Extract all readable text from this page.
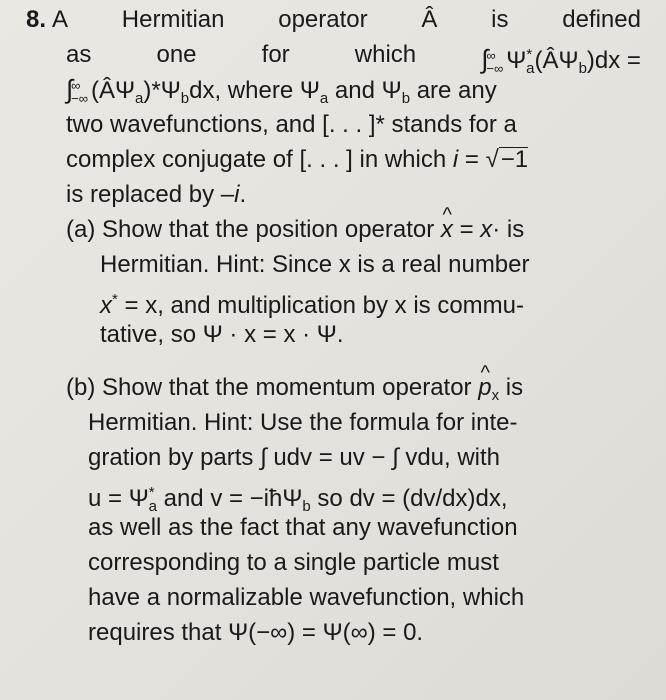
8. A Hermitian operator Â is defined
as	one	for	which	∫
∞
−∞ $\Psi^*_a(Â\Psi_b)dx$ =
∫
∞
−∞ $(Â\Psi_a)*\Psi_bdx$, where $\Psi_a$ and $\Psi_b$ are any
two wavefunctions, and [. . . ]* stands for a
complex conjugate of [. . . ] in which i = √−1
is replaced by –i.
(a) Show that the position operator ^ x = x· is
Hermitian. Hint: Since x is a real number
x* = x, and multiplication by x is commu-
tative, so Ψ · x = x · Ψ.
(b) Show that the momentum operator ^ $p_x$ is
Hermitian. Hint: Use the formula for inte-
gration by parts ∫ udv = uv − ∫ vdu, with
$u = \Psi^*_a$ and v = −iħΨ$_b$ so dv = (dv/dx)dx,
as well as the fact that any wavefunction
corresponding to a single particle must
have a normalizable wavefunction, which
requires that Ψ(−∞) = Ψ(∞) = 0.
